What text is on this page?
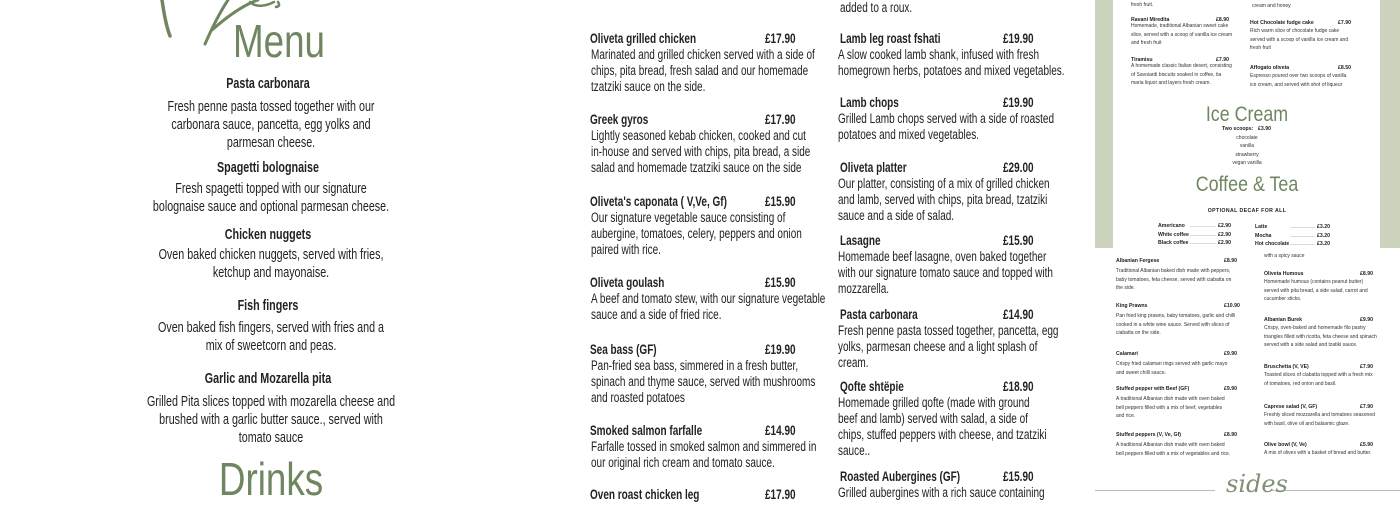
Menu
Pasta carbonara
Fresh penne pasta tossed together with our
carbonara sauce, pancetta, egg yolks and
parmesan cheese.
Spagetti bolognaise
Fresh spagetti topped with our signature
bolognaise sauce and optional parmesan cheese.
Chicken nuggets
Oven baked chicken nuggets, served with fries,
ketchup and mayonaise.
Fish fingers
Oven baked fish fingers, served with fries and a
mix of sweetcorn and peas.
Garlic and Mozarella pita
Grilled Pita slices topped with mozarella cheese and
brushed with a garlic butter sauce., served with
tomato sauce
Drinks
Oliveta grilled chicken	£17.90
Marinated and grilled chicken served with a side of
chips, pita bread, fresh salad and our homemade
tzatziki sauce on the side.
Greek gyros	£17.90
Lightly seasoned kebab chicken, cooked and cut
in-house and served with chips, pita bread, a side
salad and homemade tzatziki sauce on the side
Oliveta's caponata ( V,Ve, Gf)	£15.90
Our signature vegetable sauce consisting of
aubergine, tomatoes, celery, peppers and onion
paired with rice.
Oliveta goulash	£15.90
A beef and tomato stew, with our signature vegetable
sauce and a side of fried rice.
Sea bass (GF)	£19.90
Pan-fried sea bass, simmered in a fresh butter,
spinach and thyme sauce, served with mushrooms
and roasted potatoes
Smoked salmon farfalle	£14.90
Farfalle tossed in smoked salmon and simmered in
our original rich cream and tomato sauce.
Oven roast chicken leg	£17.90
added to a roux.
Lamb leg roast fshati	£19.90
A slow cooked lamb shank, infused with fresh
homegrown herbs, potatoes and mixed vegetables.
Lamb chops	£19.90
Grilled Lamb chops served with a side of roasted
potatoes and mixed vegetables.
Oliveta platter	£29.00
Our platter, consisting of a mix of grilled chicken
and lamb, served with chips, pita bread, tzatziki
sauce and a side of salad.
Lasagne	£15.90
Homemade beef lasagne, oven baked together
with our signature tomato sauce and topped with
mozzarella.
Pasta carbonara	£14.90
Fresh penne pasta tossed together, pancetta, egg
yolks, parmesan cheese and a light splash of
cream.
Qofte shtëpie	£18.90
Homemade grilled qofte (made with ground
beef and lamb) served with salad, a side of
chips, stuffed peppers with cheese, and tzatziki
sauce..
Roasted Aubergines (GF)	£15.90
Grilled aubergines with a rich sauce containing
fresh fruit.	cream and honey
Ravani Miredita	£8.90
Homemade, traditional Albanian sweet cake
slice, served with a scoop of vanilla ice cream
and fresh fruit
Tiramisu	£7.90
A homemade classic Italian desert, consisting
of Savoiardi biscuits soaked in coffee, tia
maria liquor and layers fresh cream.
Hot Chocolate fudge cake	£7.90
Rich warm slice of chocolate fudge cake
served with a scoop of vanilla ice cream and
fresh fruit
Affogato oliveta	£8.50
Espresso poured over two scoops of vanilla
ice cream, and served with shot of liqueur
Ice Cream
Two scoops: £3.90
chocolate
vanilla
strawberry
vegan vanilla
Coffee & Tea
OPTIONAL DECAF FOR ALL
Americano	£2.90
White coffee	£2.90
Black coffee	£2.90
Latte	£3.20
Mocha	£3.20
Hot chocolate	£3.20
with a spicy sauce
Albanian Fergese	£8.90
Traditional Albanian baked dish made with peppers,
baby tomatoes, feta cheese, served with ciabatta on
the side.
King Prawns	£10.90
Pan fried king prawns, baby tomatoes, garlic and chilli
cooked in a white wine sauce. Served with slices of
ciabatta on the side.
Calamari	£9.90
Crispy fried calamari rings served with garlic mayo
and sweet chilli sauce.
Stuffed pepper with Beef (GF)	£9.90
A traditional Albanian dish made with oven baked
bell peppers filled with a mix of beef, vegetables
and rice.
Stuffed peppers (V, Ve, Gf)	£8.90
A traditional Albanian dish made with oven baked
bell peppers filled with a mix of vegetables and rice.
Oliveta Humous	£8.90
Homemade humous (contains peanut butter)
served with pita bread, a side salad, carrot and
cucumber sticks.
Albanian Burek	£9.90
Crispy, oven-baked and homemade filo pastry
triangles filled with ricotta, feta cheese and spinach
served with a side salad and tzatiki sauce.
Bruschetta (V, VE)	£7.90
Toasted slices of ciabatta topped with a fresh mix
of tomatoes, red onion and basil.
Caprese salad (V, GF)	£7.90
Freshly sliced mozzarella and tomatoes seasoned
with basil, olive oil and balsamic glaze.
Olive bowl (V, Ve)	£5.90
A mix of olives with a basket of bread and butter.
sides
